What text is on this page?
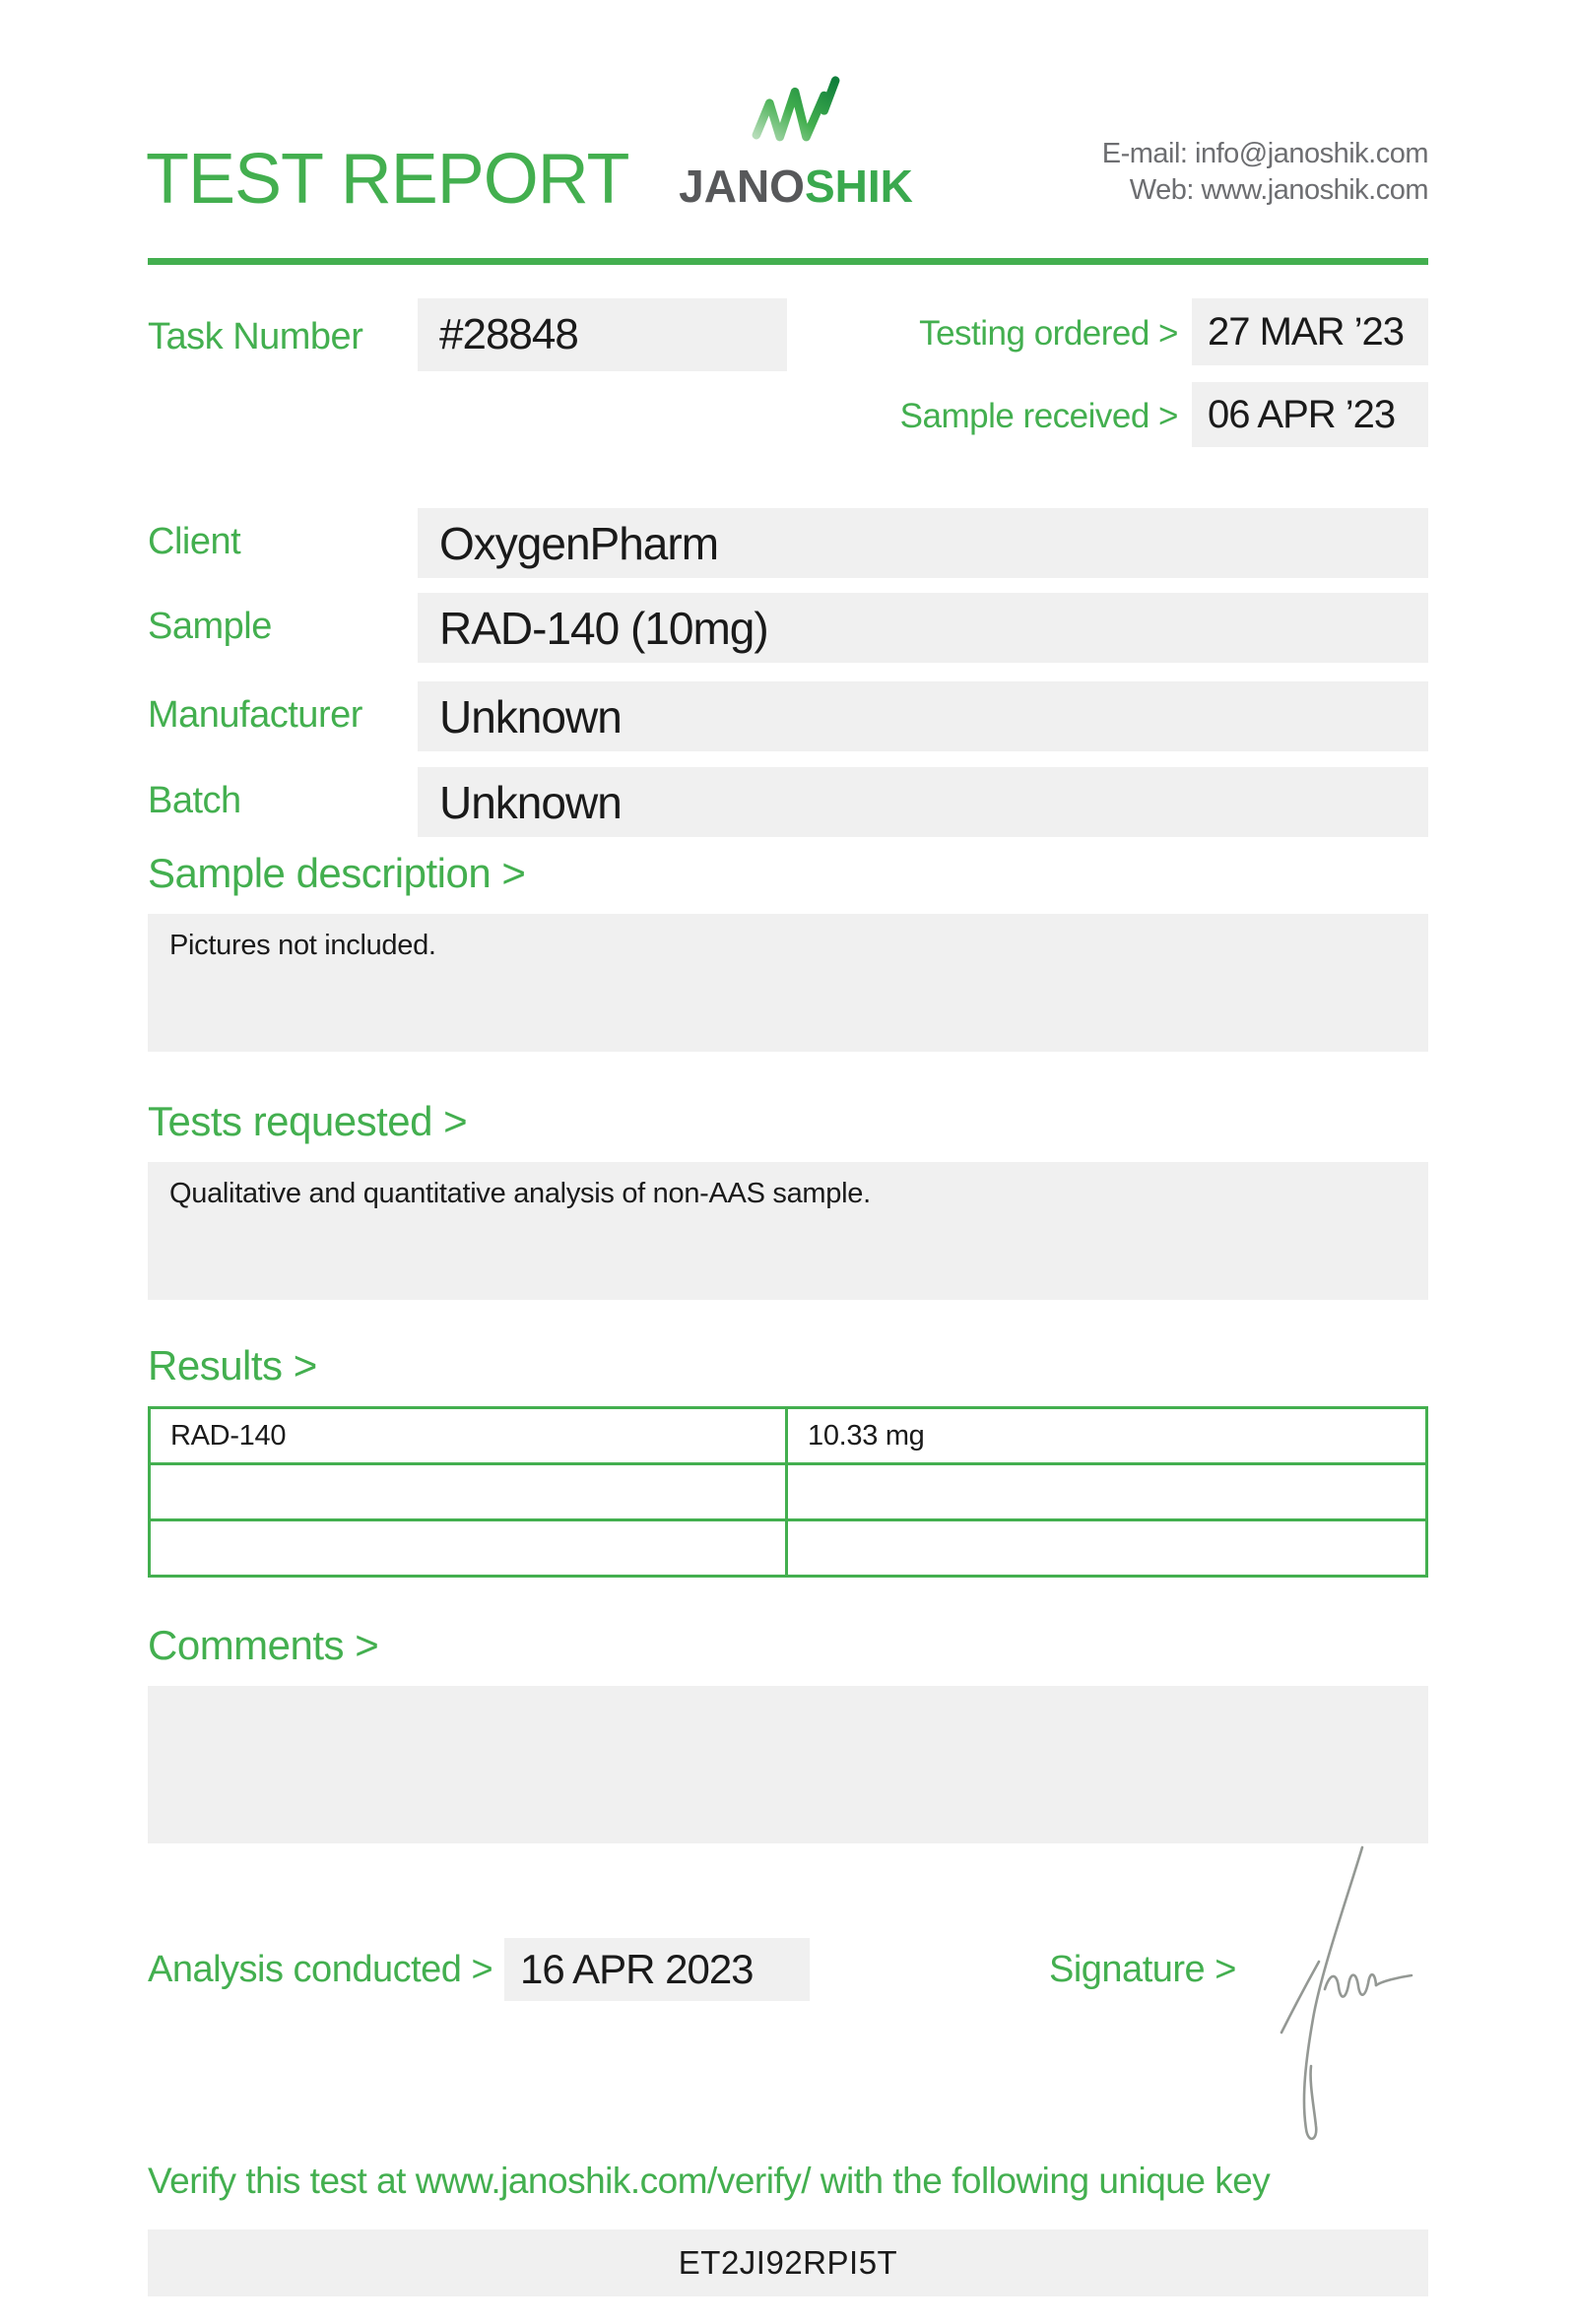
TEST REPORT JANOSHIK
E-mail: info@janoshik.com
Web: www.janoshik.com
Task Number	#28848	Testing ordered > 27 MAR ’23
Sample received > 06 APR ’23
Client	OxygenPharm
Sample	RAD-140 (10mg)
Manufacturer	Unknown
Batch	Unknown
Sample description >
Pictures not included.
Tests requested >
Qualitative and quantitative analysis of non-AAS sample.
Results >
RAD-140	10.33 mg

Comments >
Analysis conducted > 16 APR 2023	Signature >
Verify this test at www.janoshik.com/verify/ with the following unique key
ET2JI92RPI5T
